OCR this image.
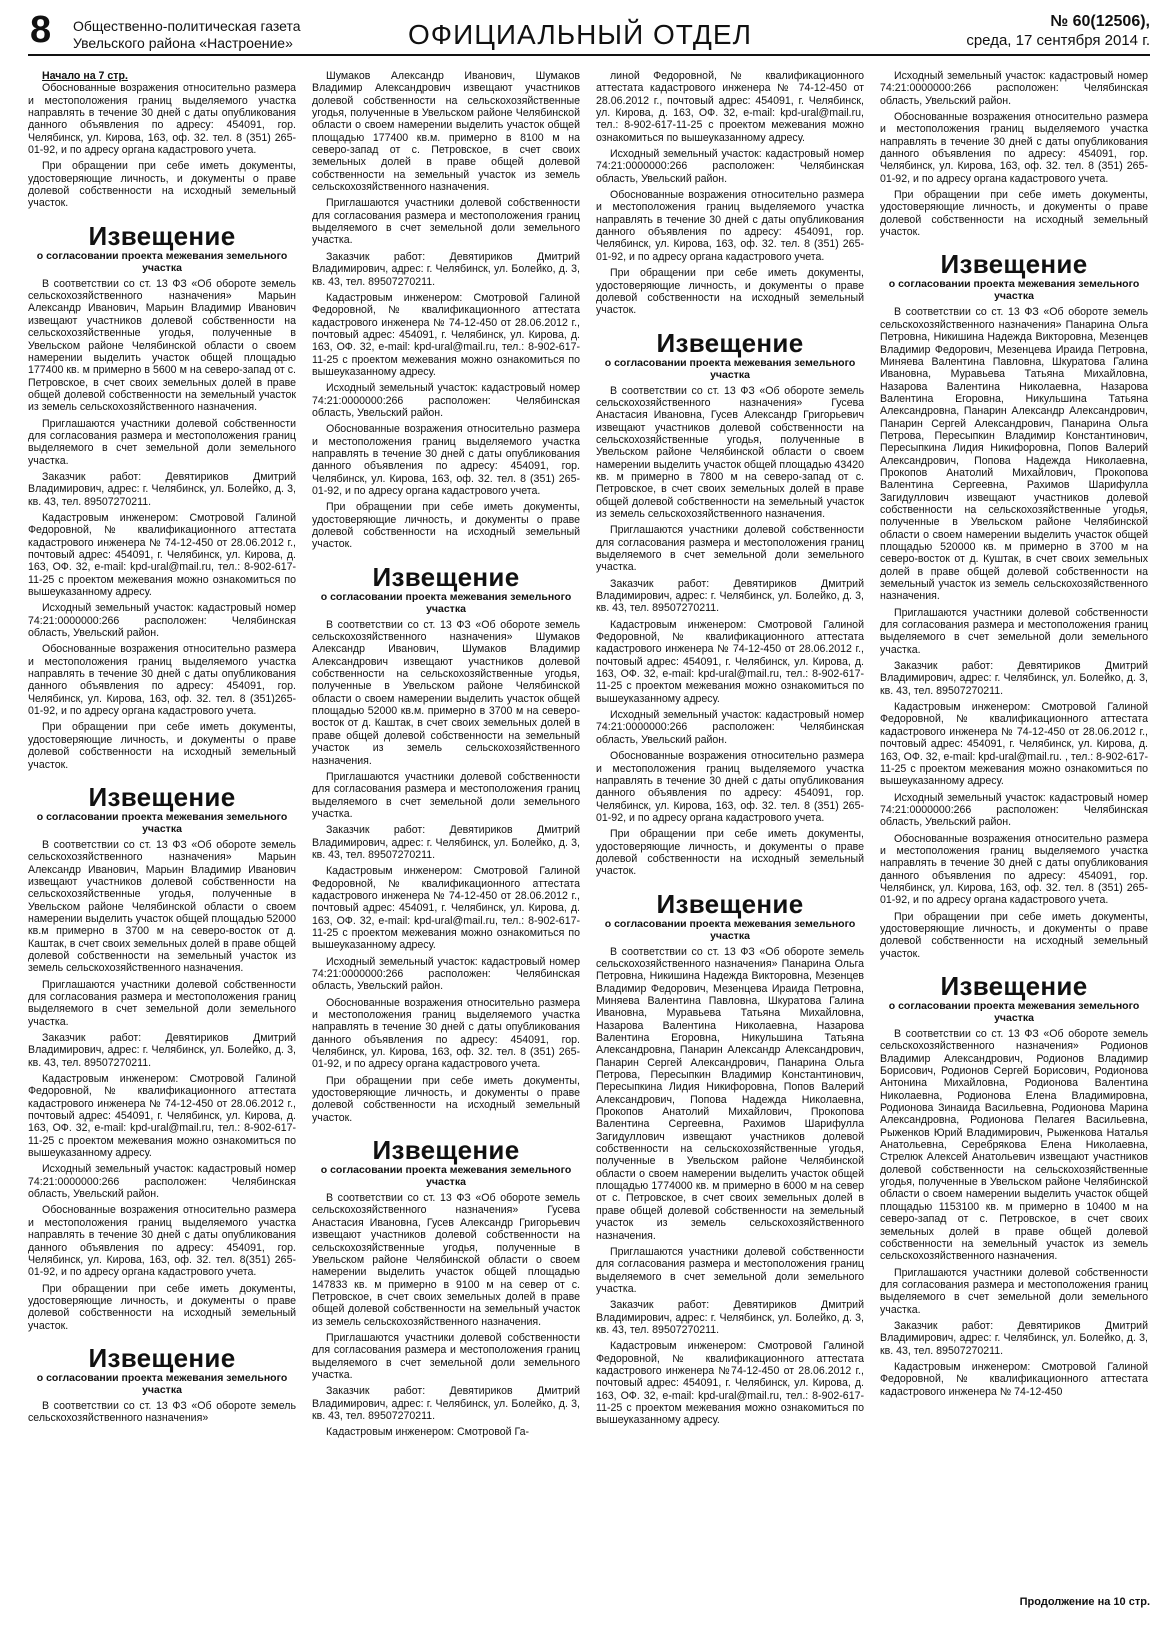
8 Общественно-политическая газета
Увельского района «Настроение»	ОФИЦИАЛЬНЫЙ ОТДЕЛ	№ 60(12506),
среда, 17 сентября 2014 г.

Начало на 7 стр.

Обоснованные возражения относительно размера и местоположения границ выделяемого участка направлять в течение 30 дней с даты опубликования данного объявления по адресу: 454091, гор. Челябинск, ул. Кирова, 163, оф. 32. тел. 8 (351) 265-01-92, и по адресу органа кадастрового учета.

При обращении при себе иметь документы, удостоверяющие личность, и документы о праве долевой собственности на исходный земельный участок.

Извещение
о согласовании проекта межевания земельного участка

В соответствии со ст. 13 ФЗ «Об обороте земель сельскохозяйственного назначения» Марьин Александр Иванович, Марьин Владимир Иванович извещают участников долевой собственности на сельскохозяйственные угодья, полученные в Увельском районе Челябинской области о своем намерении выделить участок общей площадью 177400 кв. м примерно в 5600 м на северо-запад от с. Петровское, в счет своих земельных долей в праве общей долевой собственности на земельный участок из земель сельскохозяйственного назначения.

Приглашаются участники долевой собственности для согласования размера и местоположения границ выделяемого в счет земельной доли земельного участка.

Заказчик работ: Девятириков Дмитрий Владимирович, адрес: г. Челябинск, ул. Болейко, д. 3, кв. 43, тел. 89507270211.

Кадастровым инженером: Смотровой Галиной Федоровной, № квалификационного аттестата кадастрового инженера № 74-12-450 от 28.06.2012 г., почтовый адрес: 454091, г. Челябинск, ул. Кирова, д. 163, ОФ. 32, e-mail: kpd-ural@mail.ru, тел.: 8-902-617-11-25 с проектом межевания можно ознакомиться по вышеуказанному адресу.

Исходный земельный участок: кадастровый номер 74:21:0000000:266 расположен: Челябинская область, Увельский район.

Обоснованные возражения относительно размера и местоположения границ выделяемого участка направлять в течение 30 дней с даты опубликования данного объявления по адресу: 454091, гор. Челябинск, ул. Кирова, 163, оф. 32. тел. 8 (351)265-01-92, и по адресу органа кадастрового учета.

При обращении при себе иметь документы, удостоверяющие личность, и документы о праве долевой собственности на исходный земельный участок.

Извещение
о согласовании проекта межевания земельного участка

В соответствии со ст. 13 ФЗ «Об обороте земель сельскохозяйственного назначения» Марьин Александр Иванович, Марьин Владимир Иванович извещают участников долевой собственности на сельскохозяйственные угодья, полученные в Увельском районе Челябинской области о своем намерении выделить участок общей площадью 52000 кв.м примерно в 3700 м на северо-восток от д. Каштак, в счет своих земельных долей в праве общей долевой собственности на земельный участок из земель сельскохозяйственного назначения.

Приглашаются участники долевой собственности для согласования размера и местоположения границ выделяемого в счет земельной доли земельного участка.

Заказчик работ: Девятириков Дмитрий Владимирович, адрес: г. Челябинск, ул. Болейко, д. 3, кв. 43, тел. 89507270211.

Кадастровым инженером: Смотровой Галиной Федоровной, № квалификационного аттестата кадастрового инженера № 74-12-450 от 28.06.2012 г., почтовый адрес: 454091, г. Челябинск, ул. Кирова, д. 163, ОФ. 32, e-mail: kpd-ural@mail.ru, тел.: 8-902-617-11-25 с проектом межевания можно ознакомиться по вышеуказанному адресу.

Исходный земельный участок: кадастровый номер 74:21:0000000:266 расположен: Челябинская область, Увельский район.

Обоснованные возражения относительно размера и местоположения границ выделяемого участка направлять в течение 30 дней с даты опубликования данного объявления по адресу: 454091, гор. Челябинск, ул. Кирова, 163, оф. 32. тел. 8(351) 265-01-92, и по адресу органа кадастрового учета.

При обращении при себе иметь документы, удостоверяющие личность, и документы о праве долевой собственности на исходный земельный участок.

Извещение
о согласовании проекта межевания земельного участка

В соответствии со ст. 13 ФЗ «Об обороте земель сельскохозяйственного назначения»

Шумаков Александр Иванович, Шумаков Владимир Александрович извещают участников долевой собственности на сельскохозяйственные угодья, полученные в Увельском районе Челябинской области о своем намерении выделить участок общей площадью 177400 кв.м. примерно в 8100 м на северо-запад от с. Петровское, в счет своих земельных долей в праве общей долевой собственности на земельный участок из земель сельскохозяйственного назначения.

Приглашаются участники долевой собственности для согласования размера и местоположения границ выделяемого в счет земельной доли земельного участка.

Заказчик работ: Девятириков Дмитрий Владимирович, адрес: г. Челябинск, ул. Болейко, д. 3, кв. 43, тел. 89507270211.

Кадастровым инженером: Смотровой Галиной Федоровной, № квалификационного аттестата кадастрового инженера № 74-12-450 от 28.06.2012 г., почтовый адрес: 454091, г. Челябинск, ул. Кирова, д. 163, ОФ. 32, e-mail: kpd-ural@mail.ru, тел.: 8-902-617-11-25 с проектом межевания можно ознакомиться по вышеуказанному адресу.

Исходный земельный участок: кадастровый номер 74:21:0000000:266 расположен: Челябинская область, Увельский район.

Обоснованные возражения относительно размера и местоположения границ выделяемого участка направлять в течение 30 дней с даты опубликования данного объявления по адресу: 454091, гор. Челябинск, ул. Кирова, 163, оф. 32. тел. 8 (351) 265-01-92, и по адресу органа кадастрового учета.

При обращении при себе иметь документы, удостоверяющие личность, и документы о праве долевой собственности на исходный земельный участок.

Извещение
о согласовании проекта межевания земельного участка

В соответствии со ст. 13 ФЗ «Об обороте земель сельскохозяйственного назначения» Шумаков Александр Иванович, Шумаков Владимир Александрович извещают участников долевой собственности на сельскохозяйственные угодья, полученные в Увельском районе Челябинской области о своем намерении выделить участок общей площадью 52000 кв.м. примерно в 3700 м на северо-восток от д. Каштак, в счет своих земельных долей в праве общей долевой собственности на земельный участок из земель сельскохозяйственного назначения.

Приглашаются участники долевой собственности для согласования размера и местоположения границ выделяемого в счет земельной доли земельного участка.

Заказчик работ: Девятириков Дмитрий Владимирович, адрес: г. Челябинск, ул. Болейко, д. 3, кв. 43, тел. 89507270211.

Кадастровым инженером: Смотровой Галиной Федоровной, № квалификационного аттестата кадастрового инженера № 74-12-450 от 28.06.2012 г., почтовый адрес: 454091, г. Челябинск, ул. Кирова, д. 163, ОФ. 32, e-mail: kpd-ural@mail.ru, тел.: 8-902-617-11-25 с проектом межевания можно ознакомиться по вышеуказанному адресу.

Исходный земельный участок: кадастровый номер 74:21:0000000:266 расположен: Челябинская область, Увельский район.

Обоснованные возражения относительно размера и местоположения границ выделяемого участка направлять в течение 30 дней с даты опубликования данного объявления по адресу: 454091, гор. Челябинск, ул. Кирова, 163, оф. 32. тел. 8 (351) 265-01-92, и по адресу органа кадастрового учета.

При обращении при себе иметь документы, удостоверяющие личность, и документы о праве долевой собственности на исходный земельный участок.

Извещение
о согласовании проекта межевания земельного участка

В соответствии со ст. 13 ФЗ «Об обороте земель сельскохозяйственного назначения» Гусева Анастасия Ивановна, Гусев Александр Григорьевич извещают участников долевой собственности на сельскохозяйственные угодья, полученные в Увельском районе Челябинской области о своем намерении выделить участок общей площадью 147833 кв. м примерно в 9100 м на север от с. Петровское, в счет своих земельных долей в праве общей долевой собственности на земельный участок из земель сельскохозяйственного назначения.

Приглашаются участники долевой собственности для согласования размера и местоположения границ выделяемого в счет земельной доли земельного участка.

Заказчик работ: Девятириков Дмитрий Владимирович, адрес: г. Челябинск, ул. Болейко, д. 3, кв. 43, тел. 89507270211.

Кадастровым инженером: Смотровой Га-

линой Федоровной, № квалификационного аттестата кадастрового инженера № 74-12-450 от 28.06.2012 г., почтовый адрес: 454091, г. Челябинск, ул. Кирова, д. 163, ОФ. 32, e-mail: kpd-ural@mail.ru, тел.: 8-902-617-11-25 с проектом межевания можно ознакомиться по вышеуказанному адресу.

Исходный земельный участок: кадастровый номер 74:21:0000000:266 расположен: Челябинская область, Увельский район.

Обоснованные возражения относительно размера и местоположения границ выделяемого участка направлять в течение 30 дней с даты опубликования данного объявления по адресу: 454091, гор. Челябинск, ул. Кирова, 163, оф. 32. тел. 8 (351) 265-01-92, и по адресу органа кадастрового учета.

При обращении при себе иметь документы, удостоверяющие личность, и документы о праве долевой собственности на исходный земельный участок.

Извещение
о согласовании проекта межевания земельного участка

В соответствии со ст. 13 ФЗ «Об обороте земель сельскохозяйственного назначения» Гусева Анастасия Ивановна, Гусев Александр Григорьевич извещают участников долевой собственности на сельскохозяйственные угодья, полученные в Увельском районе Челябинской области о своем намерении выделить участок общей площадью 43420 кв. м примерно в 7800 м на северо-запад от с. Петровское, в счет своих земельных долей в праве общей долевой собственности на земельный участок из земель сельскохозяйственного назначения.

Приглашаются участники долевой собственности для согласования размера и местоположения границ выделяемого в счет земельной доли земельного участка.

Заказчик работ: Девятириков Дмитрий Владимирович, адрес: г. Челябинск, ул. Болейко, д. 3, кв. 43, тел. 89507270211.

Кадастровым инженером: Смотровой Галиной Федоровной, № квалификационного аттестата кадастрового инженера № 74-12-450 от 28.06.2012 г., почтовый адрес: 454091, г. Челябинск, ул. Кирова, д. 163, ОФ. 32, e-mail: kpd-ural@mail.ru, тел.: 8-902-617-11-25 с проектом межевания можно ознакомиться по вышеуказанному адресу.

Исходный земельный участок: кадастровый номер 74:21:0000000:266 расположен: Челябинская область, Увельский район.

Обоснованные возражения относительно размера и местоположения границ выделяемого участка направлять в течение 30 дней с даты опубликования данного объявления по адресу: 454091, гор. Челябинск, ул. Кирова, 163, оф. 32. тел. 8 (351) 265-01-92, и по адресу органа кадастрового учета.

При обращении при себе иметь документы, удостоверяющие личность, и документы о праве долевой собственности на исходный земельный участок.

Извещение
о согласовании проекта межевания земельного участка

В соответствии со ст. 13 ФЗ «Об обороте земель сельскохозяйственного назначения» Панарина Ольга Петровна, Никишина Надежда Викторовна, Мезенцев Владимир Федорович, Мезенцева Ираида Петровна, Миняева Валентина Павловна, Шкуратова Галина Ивановна, Муравьева Татьяна Михайловна, Назарова Валентина Николаевна, Назарова Валентина Егоровна, Никульшина Татьяна Александровна, Панарин Александр Александрович, Панарин Сергей Александрович, Панарина Ольга Петрова, Пересыпкин Владимир Константинович, Пересыпкина Лидия Никифоровна, Попов Валерий Александрович, Попова Надежда Николаевна, Прокопов Анатолий Михайлович, Прокопова Валентина Сергеевна, Рахимов Шарифулла Загидуллович извещают участников долевой собственности на сельскохозяйственные угодья, полученные в Увельском районе Челябинской области о своем намерении выделить участок общей площадью 1774000 кв. м примерно в 6000 м на север от с. Петровское, в счет своих земельных долей в праве общей долевой собственности на земельный участок из земель сельскохозяйственного назначения.

Приглашаются участники долевой собственности для согласования размера и местоположения границ выделяемого в счет земельной доли земельного участка.

Заказчик работ: Девятириков Дмитрий Владимирович, адрес: г. Челябинск, ул. Болейко, д. 3, кв. 43, тел. 89507270211.

Кадастровым инженером: Смотровой Галиной Федоровной, № квалификационного аттестата кадастрового инженера №74-12-450 от 28.06.2012 г., почтовый адрес: 454091, г. Челябинск, ул. Кирова, д. 163, ОФ. 32, e-mail: kpd-ural@mail.ru, тел.: 8-902-617-11-25 с проектом межевания можно ознакомиться по вышеуказанному адресу.

Исходный земельный участок: кадастровый номер 74:21:0000000:266 расположен: Челябинская область, Увельский район.

Обоснованные возражения относительно размера и местоположения границ выделяемого участка направлять в течение 30 дней с даты опубликования данного объявления по адресу: 454091, гор. Челябинск, ул. Кирова, 163, оф. 32. тел. 8 (351) 265-01-92, и по адресу органа кадастрового учета.

При обращении при себе иметь документы, удостоверяющие личность, и документы о праве долевой собственности на исходный земельный участок.

Извещение
о согласовании проекта межевания земельного участка

В соответствии со ст. 13 ФЗ «Об обороте земель сельскохозяйственного назначения» Панарина Ольга Петровна, Никишина Надежда Викторовна, Мезенцев Владимир Федорович, Мезенцева Ираида Петровна, Миняева Валентина Павловна, Шкуратова Галина Ивановна, Муравьева Татьяна Михайловна, Назарова Валентина Николаевна, Назарова Валентина Егоровна, Никульшина Татьяна Александровна, Панарин Александр Александрович, Панарин Сергей Александрович, Панарина Ольга Петрова, Пересыпкин Владимир Константинович, Пересыпкина Лидия Никифоровна, Попов Валерий Александрович, Попова Надежда Николаевна, Прокопов Анатолий Михайлович, Прокопова Валентина Сергеевна, Рахимов Шарифулла Загидуллович извещают участников долевой собственности на сельскохозяйственные угодья, полученные в Увельском районе Челябинской области о своем намерении выделить участок общей площадью 520000 кв. м примерно в 3700 м на северо-восток от д. Куштак, в счет своих земельных долей в праве общей долевой собственности на земельный участок из земель сельскохозяйственного назначения.

Приглашаются участники долевой собственности для согласования размера и местоположения границ выделяемого в счет земельной доли земельного участка.

Заказчик работ: Девятириков Дмитрий Владимирович, адрес: г. Челябинск, ул. Болейко, д. 3, кв. 43, тел. 89507270211.

Кадастровым инженером: Смотровой Галиной Федоровной, № квалификационного аттестата кадастрового инженера № 74-12-450 от 28.06.2012 г., почтовый адрес: 454091, г. Челябинск, ул. Кирова, д. 163, ОФ. 32, e-mail: kpd-ural@mail.ru. , тел.: 8-902-617-11-25 с проектом межевания можно ознакомиться по вышеуказанному адресу.

Исходный земельный участок: кадастровый номер 74:21:0000000:266 расположен: Челябинская область, Увельский район.

Обоснованные возражения относительно размера и местоположения границ выделяемого участка направлять в течение 30 дней с даты опубликования данного объявления по адресу: 454091, гор. Челябинск, ул. Кирова, 163, оф. 32. тел. 8 (351) 265-01-92, и по адресу органа кадастрового учета.

При обращении при себе иметь документы, удостоверяющие личность, и документы о праве долевой собственности на исходный земельный участок.

Извещение
о согласовании проекта межевания земельного участка

В соответствии со ст. 13 ФЗ «Об обороте земель сельскохозяйственного назначения» Родионов Владимир Александрович, Родионов Владимир Борисович, Родионов Сергей Борисович, Родионова Антонина Михайловна, Родионова Валентина Николаевна, Родионова Елена Владимировна, Родионова Зинаида Васильевна, Родионова Марина Александровна, Родионова Пелагея Васильевна, Рыженков Юрий Владимирович, Рыженкова Наталья Анатольевна, Серебрякова Елена Николаевна, Стрелюк Алексей Анатольевич извещают участников долевой собственности на сельскохозяйственные угодья, полученные в Увельском районе Челябинской области о своем намерении выделить участок общей площадью 1153100 кв. м примерно в 10400 м на северо-запад от с. Петровское, в счет своих земельных долей в праве общей долевой собственности на земельный участок из земель сельскохозяйственного назначения.

Приглашаются участники долевой собственности для согласования размера и местоположения границ выделяемого в счет земельной доли земельного участка.

Заказчик работ: Девятириков Дмитрий Владимирович, адрес: г. Челябинск, ул. Болейко, д. 3, кв. 43, тел. 89507270211.

Кадастровым инженером: Смотровой Галиной Федоровной, № квалификационного аттестата кадастрового инженера № 74-12-450

Продолжение на 10 стр.
